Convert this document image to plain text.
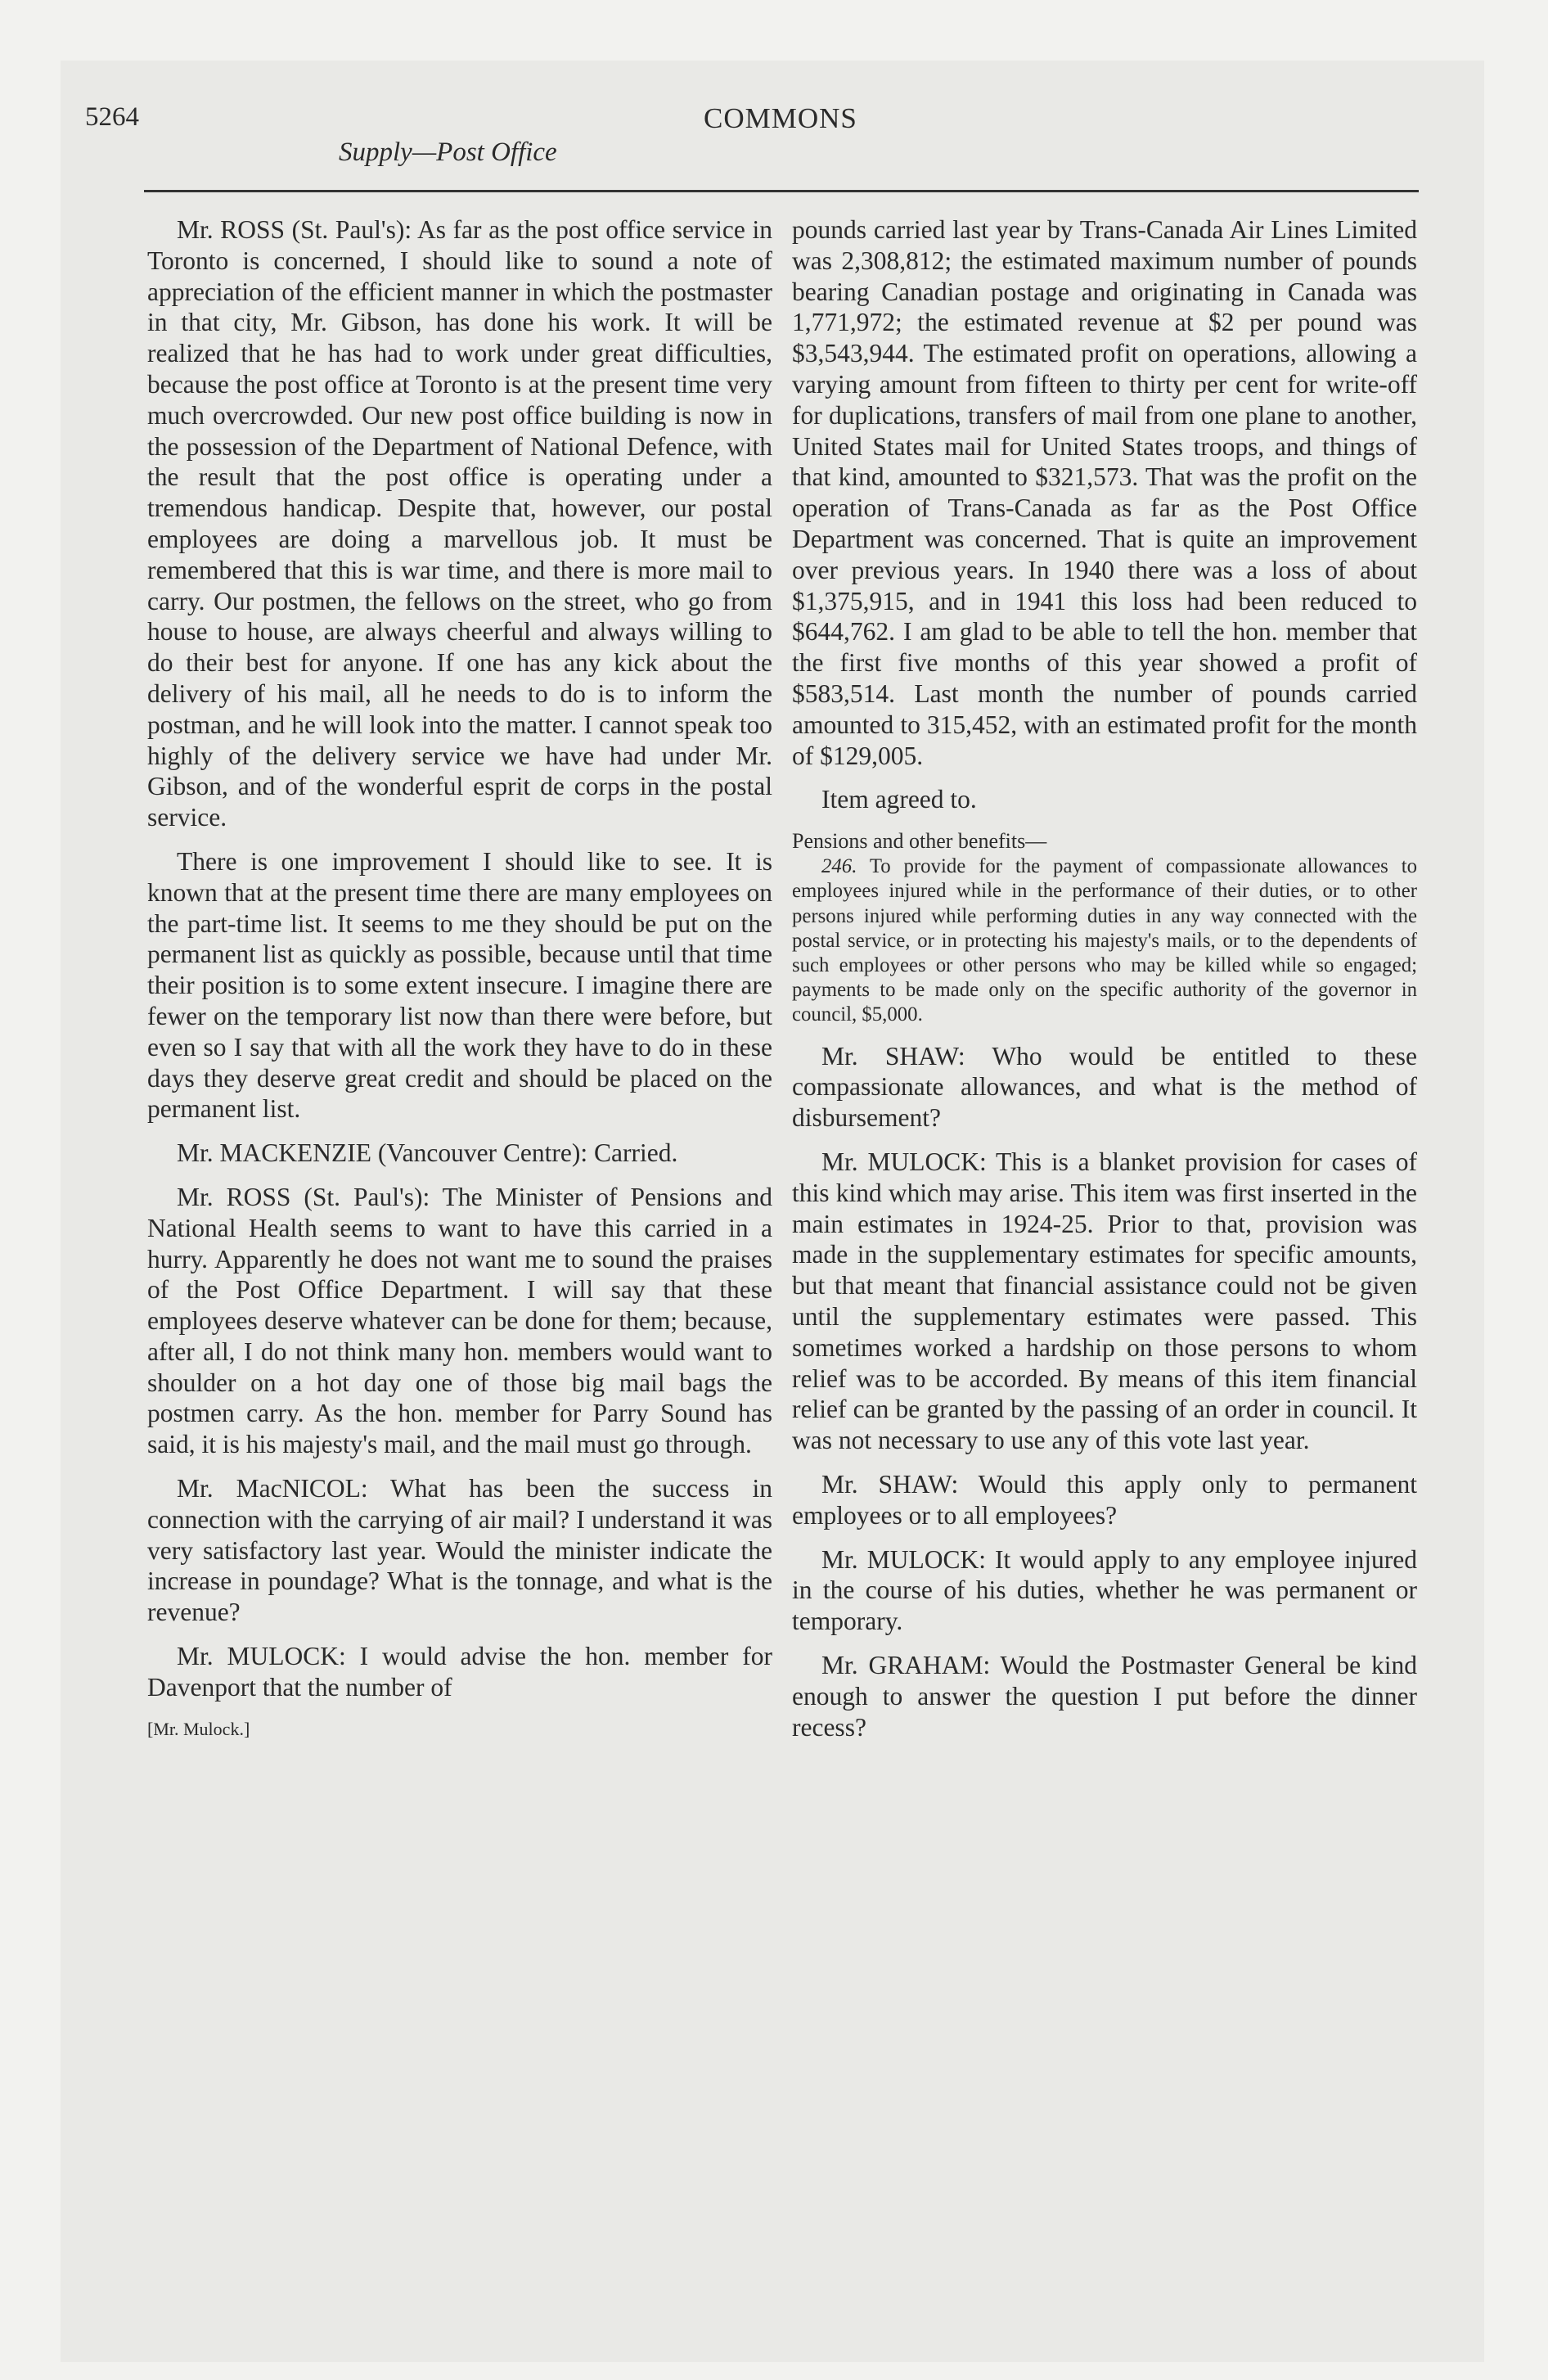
5264	COMMONS
Supply—Post Office

Mr. ROSS (St. Paul's): As far as the post office service in Toronto is concerned, I should like to sound a note of appreciation of the efficient manner in which the postmaster in that city, Mr. Gibson, has done his work. It will be realized that he has had to work under great difficulties, because the post office at Toronto is at the present time very much overcrowded. Our new post office building is now in the possession of the Department of National Defence, with the result that the post office is operating under a tremendous handicap. Despite that, however, our postal employees are doing a marvellous job. It must be remembered that this is war time, and there is more mail to carry. Our postmen, the fellows on the street, who go from house to house, are always cheerful and always willing to do their best for anyone. If one has any kick about the delivery of his mail, all he needs to do is to inform the postman, and he will look into the matter. I cannot speak too highly of the delivery service we have had under Mr. Gibson, and of the wonderful esprit de corps in the postal service.

There is one improvement I should like to see. It is known that at the present time there are many employees on the part-time list. It seems to me they should be put on the permanent list as quickly as possible, because until that time their position is to some extent insecure. I imagine there are fewer on the temporary list now than there were before, but even so I say that with all the work they have to do in these days they deserve great credit and should be placed on the permanent list.

Mr. MACKENZIE (Vancouver Centre): Carried.

Mr. ROSS (St. Paul's): The Minister of Pensions and National Health seems to want to have this carried in a hurry. Apparently he does not want me to sound the praises of the Post Office Department. I will say that these employees deserve whatever can be done for them; because, after all, I do not think many hon. members would want to shoulder on a hot day one of those big mail bags the postmen carry. As the hon. member for Parry Sound has said, it is his majesty's mail, and the mail must go through.

Mr. MacNICOL: What has been the success in connection with the carrying of air mail? I understand it was very satisfactory last year. Would the minister indicate the increase in poundage? What is the tonnage, and what is the revenue?

Mr. MULOCK: I would advise the hon. member for Davenport that the number of

[Mr. Mulock.]

pounds carried last year by Trans-Canada Air Lines Limited was 2,308,812; the estimated maximum number of pounds bearing Canadian postage and originating in Canada was 1,771,972; the estimated revenue at $2 per pound was $3,543,944. The estimated profit on operations, allowing a varying amount from fifteen to thirty per cent for write-off for duplications, transfers of mail from one plane to another, United States mail for United States troops, and things of that kind, amounted to $321,573. That was the profit on the operation of Trans-Canada as far as the Post Office Department was concerned. That is quite an improvement over previous years. In 1940 there was a loss of about $1,375,915, and in 1941 this loss had been reduced to $644,762. I am glad to be able to tell the hon. member that the first five months of this year showed a profit of $583,514. Last month the number of pounds carried amounted to 315,452, with an estimated profit for the month of $129,005.

Item agreed to.

Pensions and other benefits—

246. To provide for the payment of compassionate allowances to employees injured while in the performance of their duties, or to other persons injured while performing duties in any way connected with the postal service, or in protecting his majesty's mails, or to the dependents of such employees or other persons who may be killed while so engaged; payments to be made only on the specific authority of the governor in council, $5,000.

Mr. SHAW: Who would be entitled to these compassionate allowances, and what is the method of disbursement?

Mr. MULOCK: This is a blanket provision for cases of this kind which may arise. This item was first inserted in the main estimates in 1924-25. Prior to that, provision was made in the supplementary estimates for specific amounts, but that meant that financial assistance could not be given until the supplementary estimates were passed. This sometimes worked a hardship on those persons to whom relief was to be accorded. By means of this item financial relief can be granted by the passing of an order in council. It was not necessary to use any of this vote last year.

Mr. SHAW: Would this apply only to permanent employees or to all employees?

Mr. MULOCK: It would apply to any employee injured in the course of his duties, whether he was permanent or temporary.

Mr. GRAHAM: Would the Postmaster General be kind enough to answer the question I put before the dinner recess?
